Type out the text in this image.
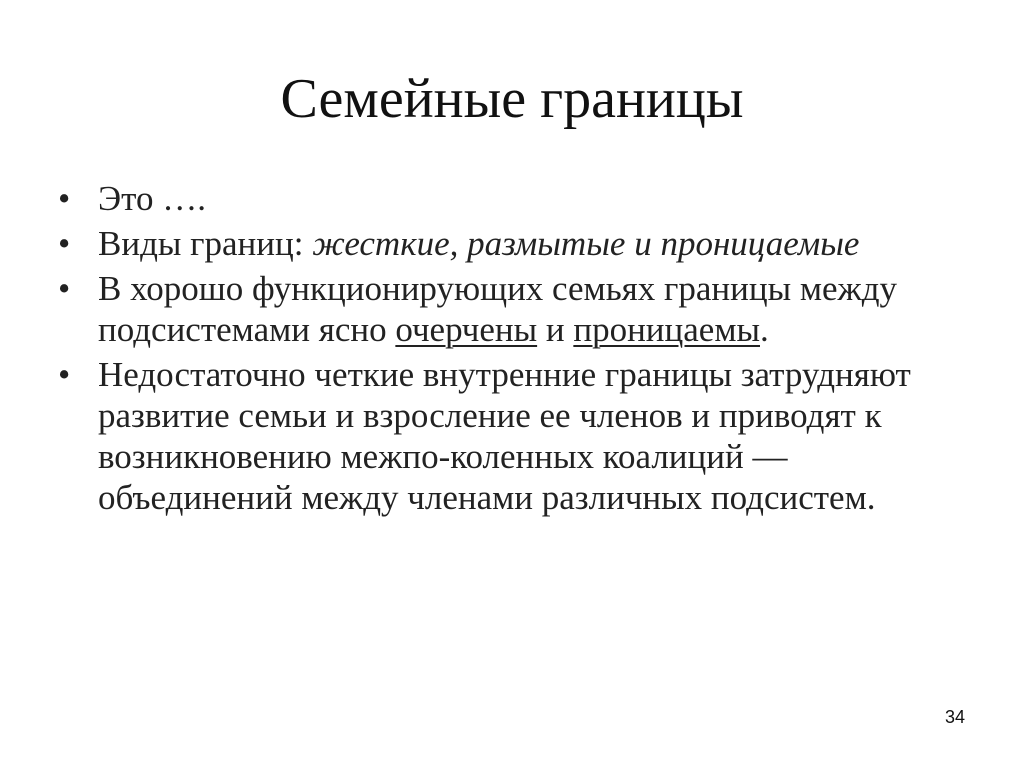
Семейные границы
• Это ….
• Виды границ: жесткие, размытые и проницаемые
• В хорошо функционирующих семьях границы между подсистемами ясно очерчены и проницаемы.
• Недостаточно четкие внутренние границы затрудняют развитие семьи и взросление ее членов и приводят к возникновению межпо-коленных коалиций — объединений между членами различных подсистем.
34
